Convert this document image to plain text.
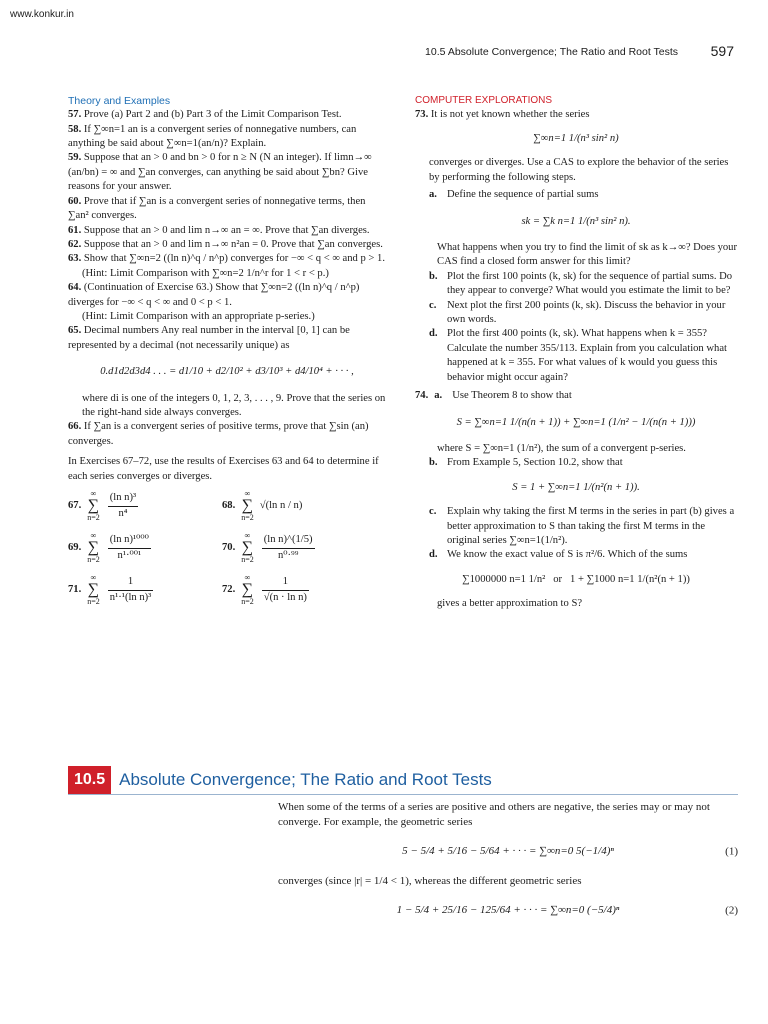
www.konkur.in
10.5 Absolute Convergence; The Ratio and Root Tests 597
Theory and Examples
57. Prove (a) Part 2 and (b) Part 3 of the Limit Comparison Test.
58. If ∑∞n=1 an is a convergent series of nonnegative numbers, can anything be said about ∑∞n=1(an/n)? Explain.
59. Suppose that an > 0 and bn > 0 for n ≥ N (N an integer). If limn→∞ (an/bn) = ∞ and ∑an converges, can anything be said about ∑bn? Give reasons for your answer.
60. Prove that if ∑an is a convergent series of nonnegative terms, then ∑an² converges.
61. Suppose that an > 0 and lim n→∞ an = ∞. Prove that ∑an diverges.
62. Suppose that an > 0 and lim n→∞ n²an = 0. Prove that ∑an converges.
63. Show that ∑∞n=2 ((ln n)^q / n^p) converges for −∞ < q < ∞ and p > 1.
(Hint: Limit Comparison with ∑∞n=2 1/n^r for 1 < r < p.)
64. (Continuation of Exercise 63.) Show that ∑∞n=2 ((ln n)^q / n^p) diverges for −∞ < q < ∞ and 0 < p < 1.
(Hint: Limit Comparison with an appropriate p-series.)
65. Decimal numbers Any real number in the interval [0, 1] can be represented by a decimal (not necessarily unique) as
0.d1d2d3d4 . . . = d1/10 + d2/10² + d3/10³ + d4/10⁴ + · · · ,
where di is one of the integers 0, 1, 2, 3, . . . , 9. Prove that the series on the right-hand side always converges.
66. If ∑an is a convergent series of positive terms, prove that ∑sin (an) converges.
In Exercises 67–72, use the results of Exercises 63 and 64 to determine if each series converges or diverges.
67.
∞
∑
$n=2 \frac{\text{(ln n)³}}{\text{n⁴}}$	68.
∞
∑
n=2
√(ln n / n)
69.
∞
∑
$n=2 \frac{\text{(ln n)¹⁰⁰⁰}}{\text{n¹·⁰⁰¹}}$	70.
∞
∑
$n=2 \frac{\text{(ln n)\textasciicircum{}(1/5)}}{\text{n⁰·⁹⁹}}$
71.
∞
∑
$n=2 \frac{1}{\text{n¹·¹(ln n)³}}$	72.
∞
∑
$n=2 \frac{1}{\text{√(n · ln n)}}$
COMPUTER EXPLORATIONS
73. It is not yet known whether the series
∑∞n=1 1/(n³ sin² n)
converges or diverges. Use a CAS to explore the behavior of the series by performing the following steps.
a. Define the sequence of partial sums
sk = ∑k n=1 1/(n³ sin² n).
What happens when you try to find the limit of sk as k→∞? Does your CAS find a closed form answer for this limit?
b. Plot the first 100 points (k, sk) for the sequence of partial sums. Do they appear to converge? What would you estimate the limit to be?
c.	Next plot the first 200 points (k, sk). Discuss the behavior in your own words.
d. Plot the first 400 points (k, sk). What happens when k = 355? Calculate the number 355/113. Explain from you calculation what happened at k = 355. For what values of k would you guess this behavior might occur again?
74. a. Use Theorem 8 to show that
S = ∑∞n=1 1/(n(n + 1)) + ∑∞n=1 (1/n² − 1/(n(n + 1)))
where S = ∑∞n=1 (1/n²), the sum of a convergent p-series.
b. From Example 5, Section 10.2, show that
S = 1 + ∑∞n=1 1/(n²(n + 1)).
c.	Explain why taking the first M terms in the series in part (b) gives a better approximation to S than taking the first M terms in the original series ∑∞n=1(1/n²).
d. We know the exact value of S is π²/6. Which of the sums
∑1000000 n=1 1/n² or 1 + ∑1000 n=1 1/(n²(n + 1))
gives a better approximation to S?
10.5 Absolute Convergence; The Ratio and Root Tests

When some of the terms of a series are positive and others are negative, the series may or may not converge. For example, the geometric series

5 − 5/4 + 5/16 − 5/64 + · · · = ∑∞n=0 5(−1/4)ⁿ	(1)

converges (since |r| = 1/4 < 1), whereas the different geometric series

1 − 5/4 + 25/16 − 125/64 + · · · = ∑∞n=0 (−5/4)ⁿ	(2)
